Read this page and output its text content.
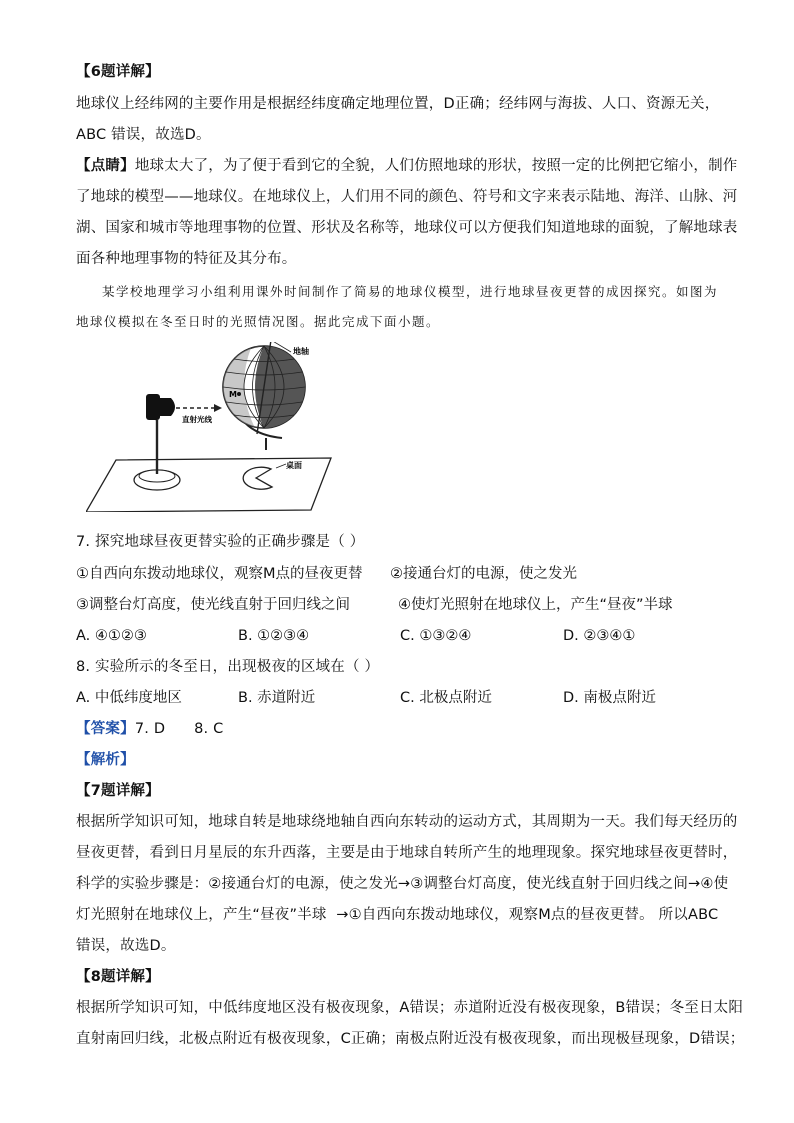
【6题详解】
地球仪上经纬网的主要作用是根据经纬度确定地理位置，D正确；经纬网与海拔、人口、资源无关，
ABC 错误，故选D。
【点睛】地球太大了，为了便于看到它的全貌，人们仿照地球的形状，按照一定的比例把它缩小，制作
了地球的模型——地球仪。在地球仪上，人们用不同的颜色、符号和文字来表示陆地、海洋、山脉、河
湖、国家和城市等地理事物的位置、形状及名称等，地球仪可以方便我们知道地球的面貌，了解地球表
面各种地理事物的特征及其分布。
某学校地理学习小组利用课外时间制作了简易的地球仪模型，进行地球昼夜更替的成因探究。如图为
地球仪模拟在冬至日时的光照情况图。据此完成下面小题。
M
地轴
直射光线
桌面
7. 探究地球昼夜更替实验的正确步骤是（ ）
①自西向东拨动地球仪，观察M点的昼夜更替 ②接通台灯的电源，使之发光
③调整台灯高度，使光线直射于回归线之间	④使灯光照射在地球仪上，产生“昼夜”半球
A. ④①②③	B. ①②③④	C. ①③②④	D. ②③④①
8. 实验所示的冬至日，出现极夜的区域在（ ）
A. 中低纬度地区	B. 赤道附近	C. 北极点附近	D. 南极点附近
【答案】7. D      8. C
【解析】
【7题详解】
根据所学知识可知，地球自转是地球绕地轴自西向东转动的运动方式，其周期为一天。我们每天经历的
昼夜更替，看到日月星辰的东升西落，主要是由于地球自转所产生的地理现象。探究地球昼夜更替时，
科学的实验步骤是：②接通台灯的电源，使之发光→③调整台灯高度，使光线直射于回归线之间→④使
灯光照射在地球仪上，产生“昼夜”半球  →①自西向东拨动地球仪，观察M点的昼夜更替。 所以ABC
错误，故选D。
【8题详解】
根据所学知识可知，中低纬度地区没有极夜现象，A错误；赤道附近没有极夜现象，B错误；冬至日太阳
直射南回归线，北极点附近有极夜现象，C正确；南极点附近没有极夜现象，而出现极昼现象，D错误；
